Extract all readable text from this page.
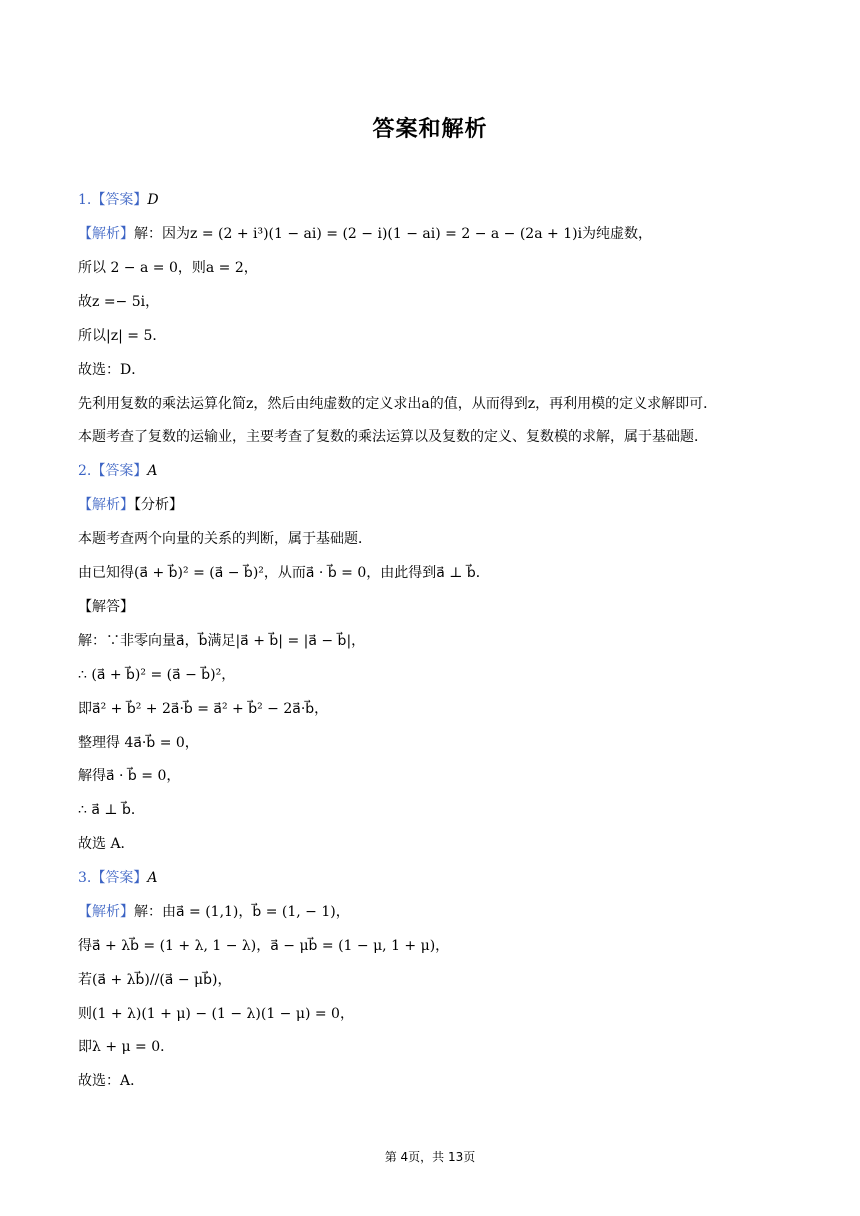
答案和解析
1.【答案】D
【解析】解：因为z = (2 + i³)(1 − ai) = (2 − i)(1 − ai) = 2 − a − (2a + 1)i为纯虚数，
所以 2 − a = 0，则a = 2，
故z =− 5i，
所以|z| = 5．
故选：D．
先利用复数的乘法运算化简z，然后由纯虚数的定义求出a的值，从而得到z，再利用模的定义求解即可．
本题考查了复数的运输业，主要考查了复数的乘法运算以及复数的定义、复数模的求解，属于基础题．
2.【答案】A
【解析】【分析】
本题考查两个向量的关系的判断，属于基础题．
由已知得(a⃗ + b⃗)² = (a⃗ − b⃗)²，从而a⃗ · b⃗ = 0，由此得到a⃗ ⊥ b⃗．
【解答】
解：∵非零向量a⃗，b⃗满足|a⃗ + b⃗| = |a⃗ − b⃗|，
∴ (a⃗ + b⃗)² = (a⃗ − b⃗)²，
即a⃗² + b⃗² + 2a⃗·b⃗ = a⃗² + b⃗² − 2a⃗·b⃗，
整理得 4a⃗·b⃗ = 0，
解得a⃗ · b⃗ = 0，
∴ a⃗ ⊥ b⃗．
故选 A．
3.【答案】A
【解析】解：由a⃗ = (1,1)，b⃗ = (1, − 1)，
得a⃗ + λb⃗ = (1 + λ, 1 − λ)，a⃗ − μb⃗ = (1 − μ, 1 + μ)，
若(a⃗ + λb⃗)//(a⃗ − μb⃗)，
则(1 + λ)(1 + μ) − (1 − λ)(1 − μ) = 0，
即λ + μ = 0．
故选：A．
第 4页，共 13页
